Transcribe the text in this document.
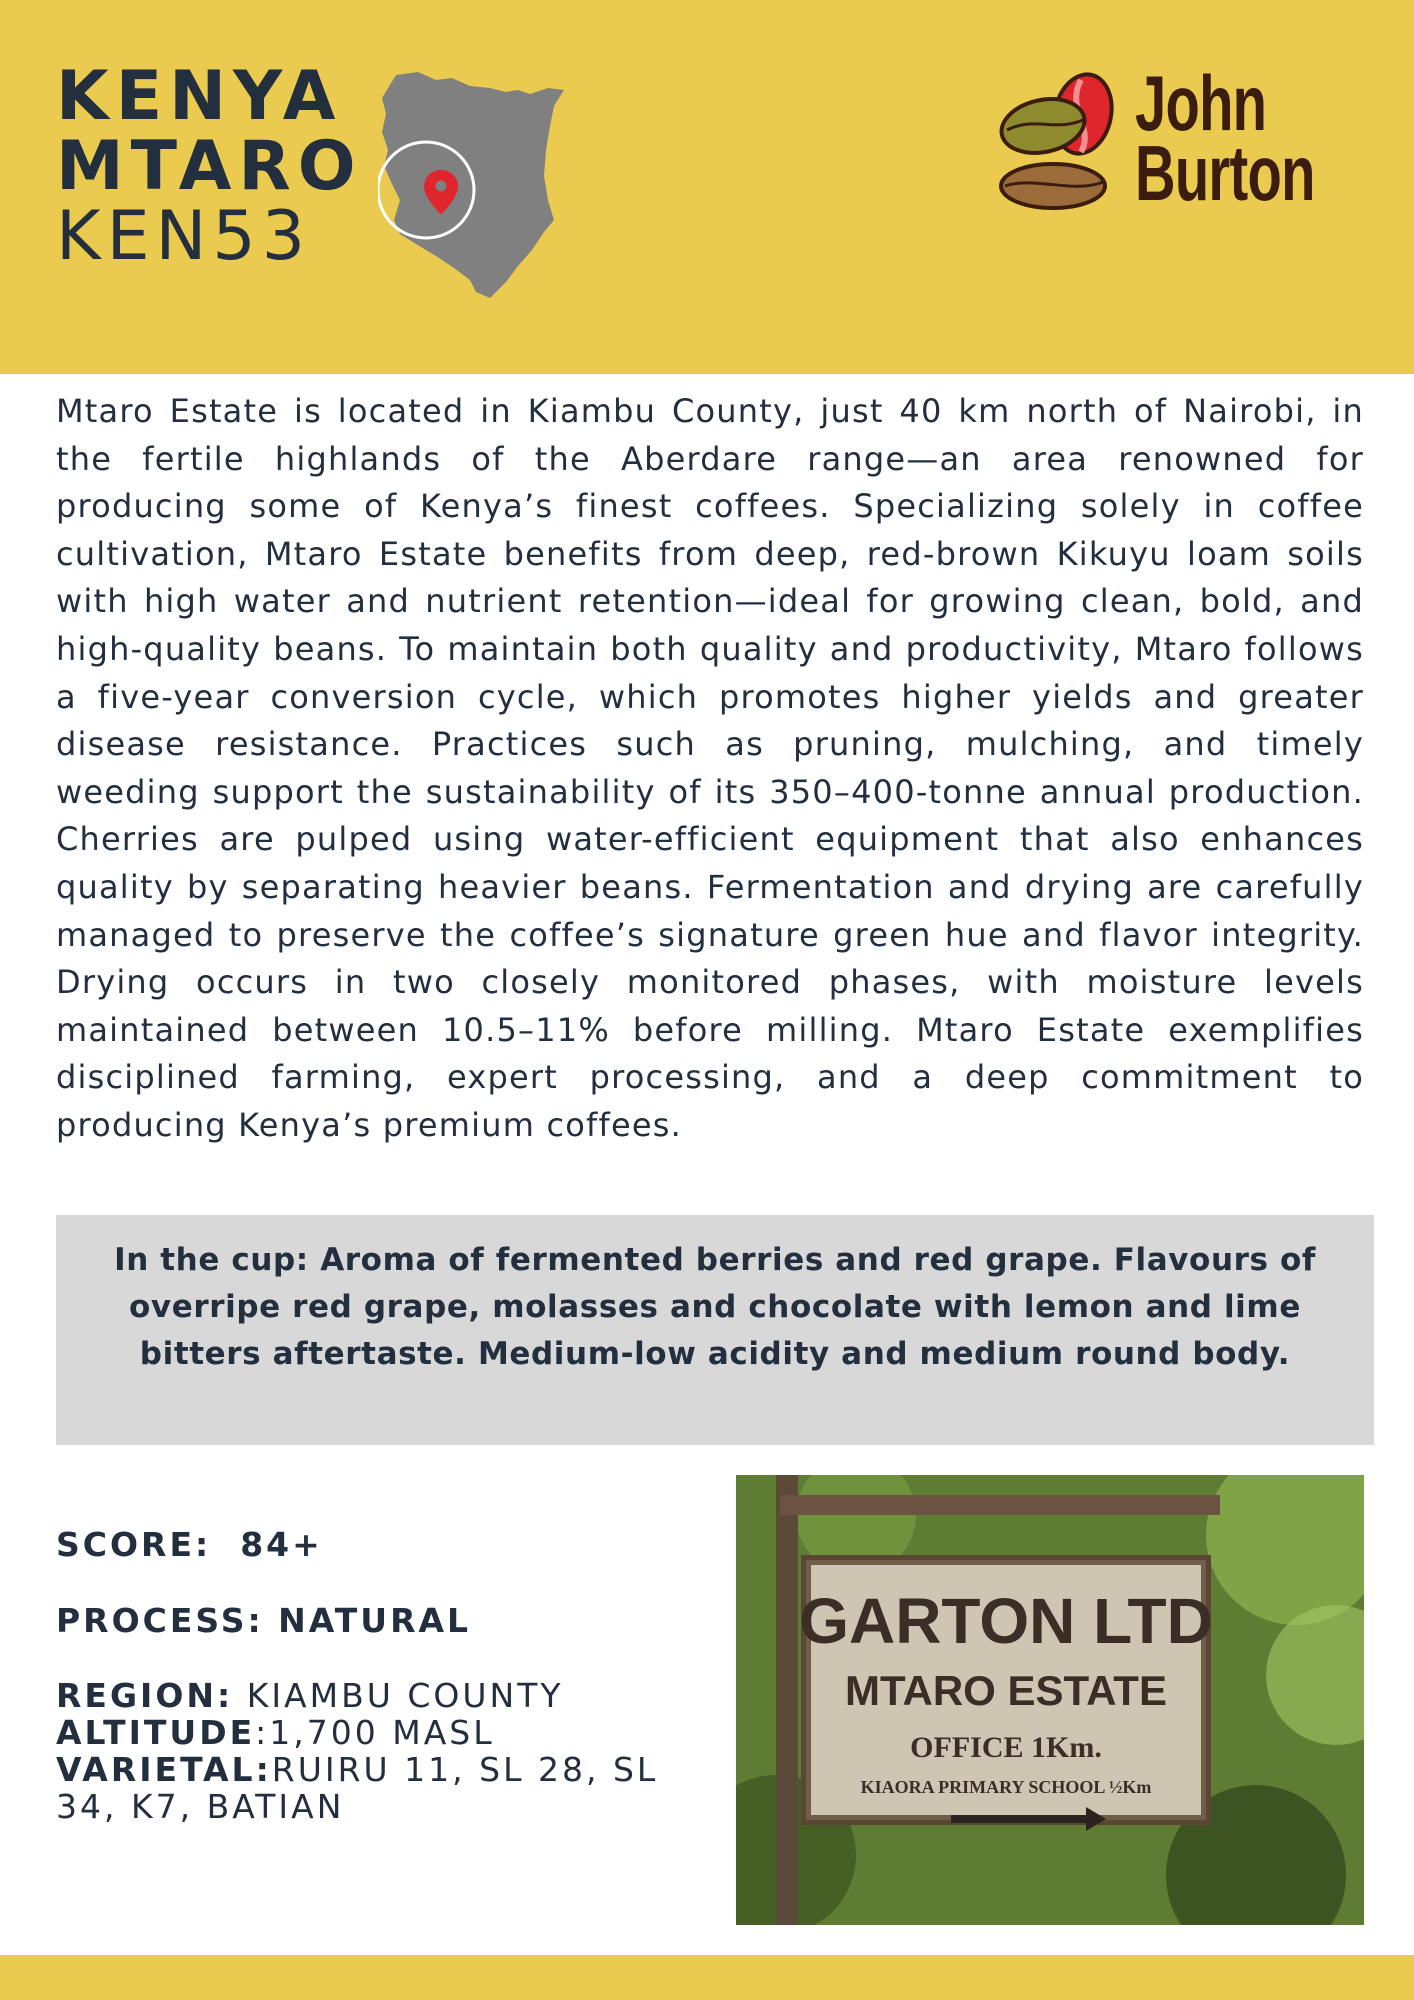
KENYA
MTARO
KEN53
John
Burton

Mtaro Estate is located in Kiambu County, just 40 km north of Nairobi, in the fertile highlands of the Aberdare range—an area renowned for producing some of Kenya’s finest coffees. Specializing solely in coffee cultivation, Mtaro Estate benefits from deep, red-brown Kikuyu loam soils with high water and nutrient retention—ideal for growing clean, bold, and high-quality beans. To maintain both quality and productivity, Mtaro follows a five-year conversion cycle, which promotes higher yields and greater disease resistance. Practices such as pruning, mulching, and timely weeding support the sustainability of its 350–400-tonne annual production. Cherries are pulped using water-efficient equipment that also enhances quality by separating heavier beans. Fermentation and drying are carefully managed to preserve the coffee’s signature green hue and flavor integrity. Drying occurs in two closely monitored phases, with moisture levels maintained between 10.5–11% before milling. Mtaro Estate exemplifies disciplined farming, expert processing, and a deep commitment to producing Kenya’s premium coffees.

In the cup: Aroma of fermented berries and red grape. Flavours of overripe red grape, molasses and chocolate with lemon and lime bitters aftertaste. Medium-low acidity and medium round body.

SCORE: 84+
PROCESS: NATURAL
REGION: KIAMBU COUNTY
ALTITUDE:1,700 MASL
VARIETAL:RUIRU 11, SL 28, SL 34, K7, BATIAN
GARTON LTD
MTARO ESTATE
OFFICE 1Km.
KIAORA PRIMARY SCHOOL ½Km
